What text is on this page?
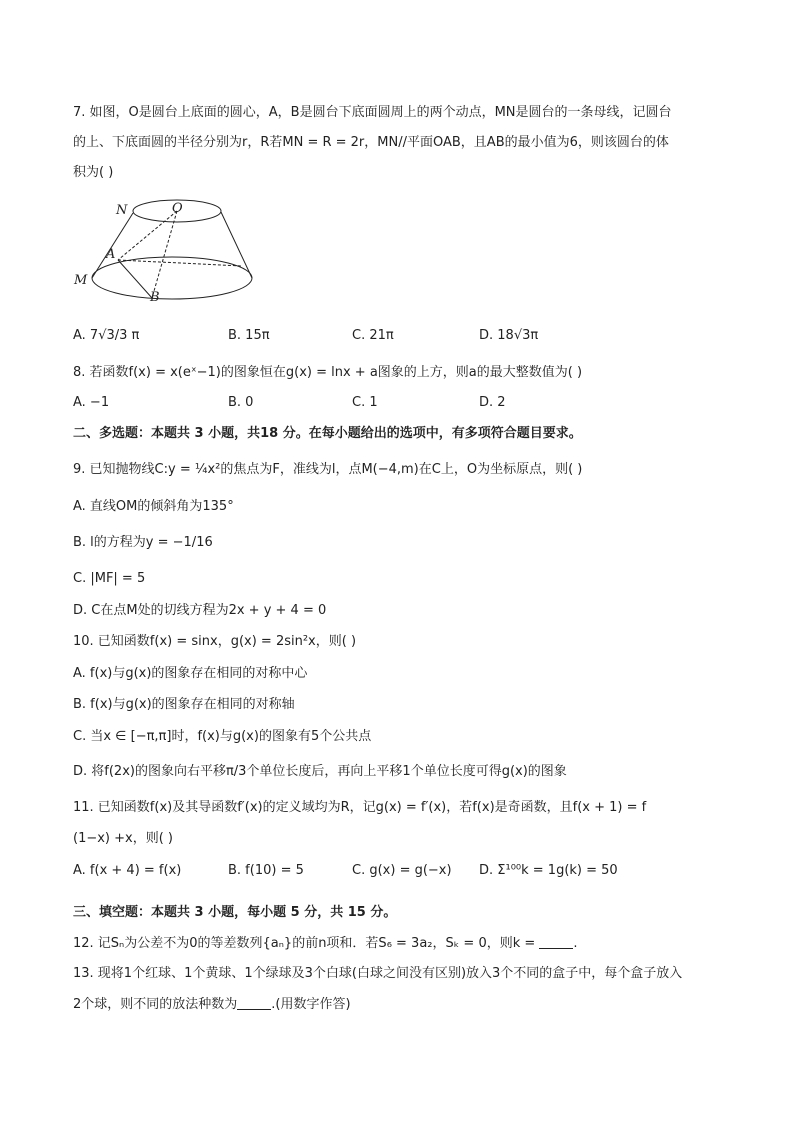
7. 如图，O是圆台上底面的圆心，A，B是圆台下底面圆周上的两个动点，MN是圆台的一条母线，记圆台
的上、下底面圆的半径分别为r，R若MN = R = 2r，MN//平面OAB，且AB的最小值为6，则该圆台的体
积为( )
N	O
A
M
B
A. 7√3/3 π	B. 15π	C. 21π	D. 18√3π
8. 若函数f(x) = x(eˣ−1)的图象恒在g(x) = lnx + a图象的上方，则a的最大整数值为( )
A. −1	B. 0	C. 1	D. 2
二、多选题：本题共 3 小题，共18 分。在每小题给出的选项中，有多项符合题目要求。
9. 已知抛物线C:y = ¼x²的焦点为F，准线为l，点M(−4,m)在C上，O为坐标原点，则( )
A. 直线OM的倾斜角为135°
B. l的方程为y = −1/16
C. |MF| = 5
D. C在点M处的切线方程为2x + y + 4 = 0
10. 已知函数f(x) = sinx，g(x) = 2sin²x，则( )
A. f(x)与g(x)的图象存在相同的对称中心
B. f(x)与g(x)的图象存在相同的对称轴
C. 当x ∈ [−π,π]时，f(x)与g(x)的图象有5个公共点
D. 将f(2x)的图象向右平移π/3个单位长度后，再向上平移1个单位长度可得g(x)的图象
11. 已知函数f(x)及其导函数f′(x)的定义域均为R，记g(x) = f′(x)，若f(x)是奇函数，且f(x + 1) = f
(1−x) +x，则( )
A. f(x + 4) = f(x)	B. f(10) = 5	C. g(x) = g(−x) D. Σ¹⁰⁰k = 1g(k) = 50
三、填空题：本题共 3 小题，每小题 5 分，共 15 分。
12. 记Sₙ为公差不为0的等差数列{aₙ}的前n项和．若S₆ = 3a₂，Sₖ = 0，则k =	.
13. 现将1个红球、1个黄球、1个绿球及3个白球(白球之间没有区别)放入3个不同的盒子中，每个盒子放入
2个球，则不同的放法种数为	.(用数字作答)
